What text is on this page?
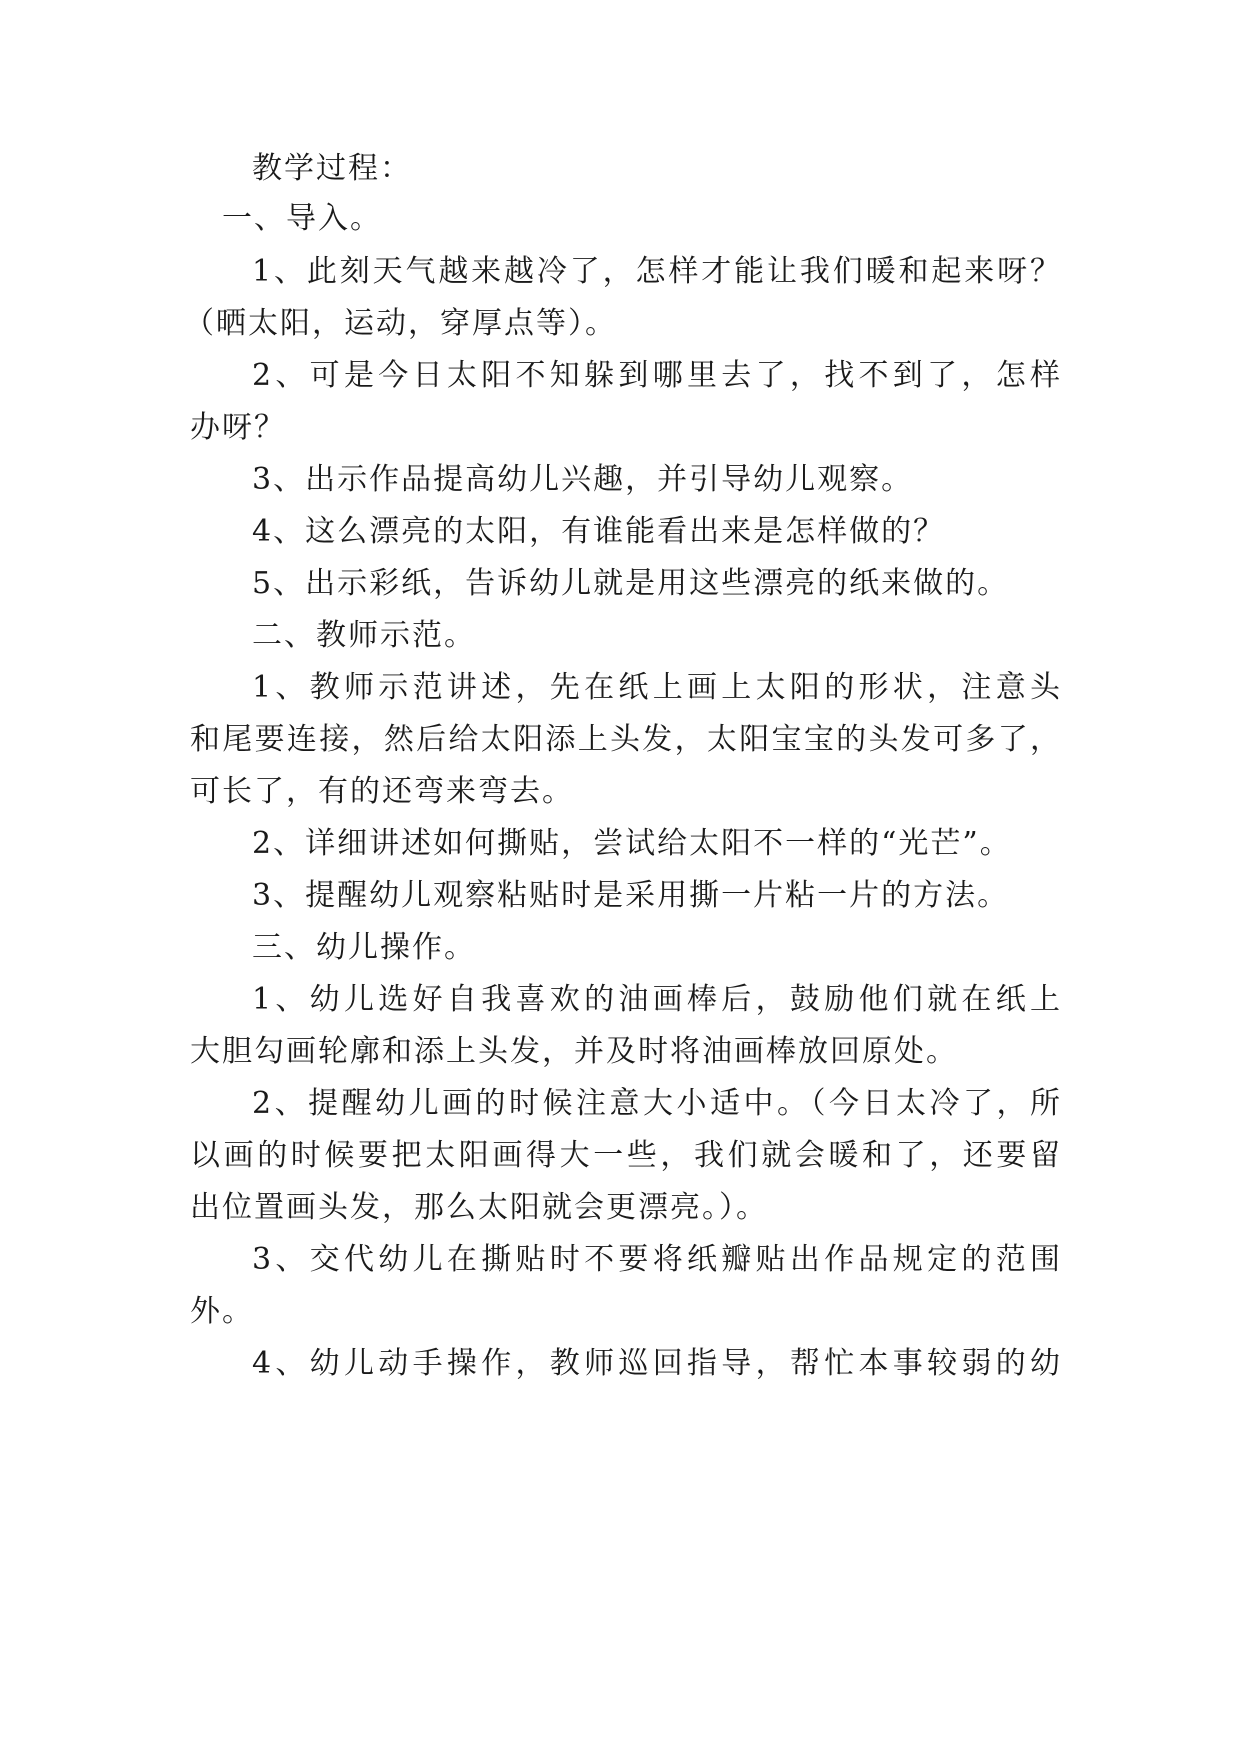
教学过程：
一、导入。
1、此刻天气越来越冷了，怎样才能让我们暖和起来呀？
（晒太阳，运动，穿厚点等）。
2、可是今日太阳不知躲到哪里去了，找不到了，怎样
办呀？
3、出示作品提高幼儿兴趣，并引导幼儿观察。
4、这么漂亮的太阳，有谁能看出来是怎样做的？
5、出示彩纸，告诉幼儿就是用这些漂亮的纸来做的。
二、教师示范。
1、教师示范讲述，先在纸上画上太阳的形状，注意头
和尾要连接，然后给太阳添上头发，太阳宝宝的头发可多了，
可长了，有的还弯来弯去。
2、详细讲述如何撕贴，尝试给太阳不一样的“光芒”。
3、提醒幼儿观察粘贴时是采用撕一片粘一片的方法。
三、幼儿操作。
1、幼儿选好自我喜欢的油画棒后，鼓励他们就在纸上
大胆勾画轮廓和添上头发，并及时将油画棒放回原处。
2、提醒幼儿画的时候注意大小适中。（今日太冷了，所
以画的时候要把太阳画得大一些，我们就会暖和了，还要留
出位置画头发，那么太阳就会更漂亮。）。
3、交代幼儿在撕贴时不要将纸瓣贴出作品规定的范围
外。
4、幼儿动手操作，教师巡回指导，帮忙本事较弱的幼
